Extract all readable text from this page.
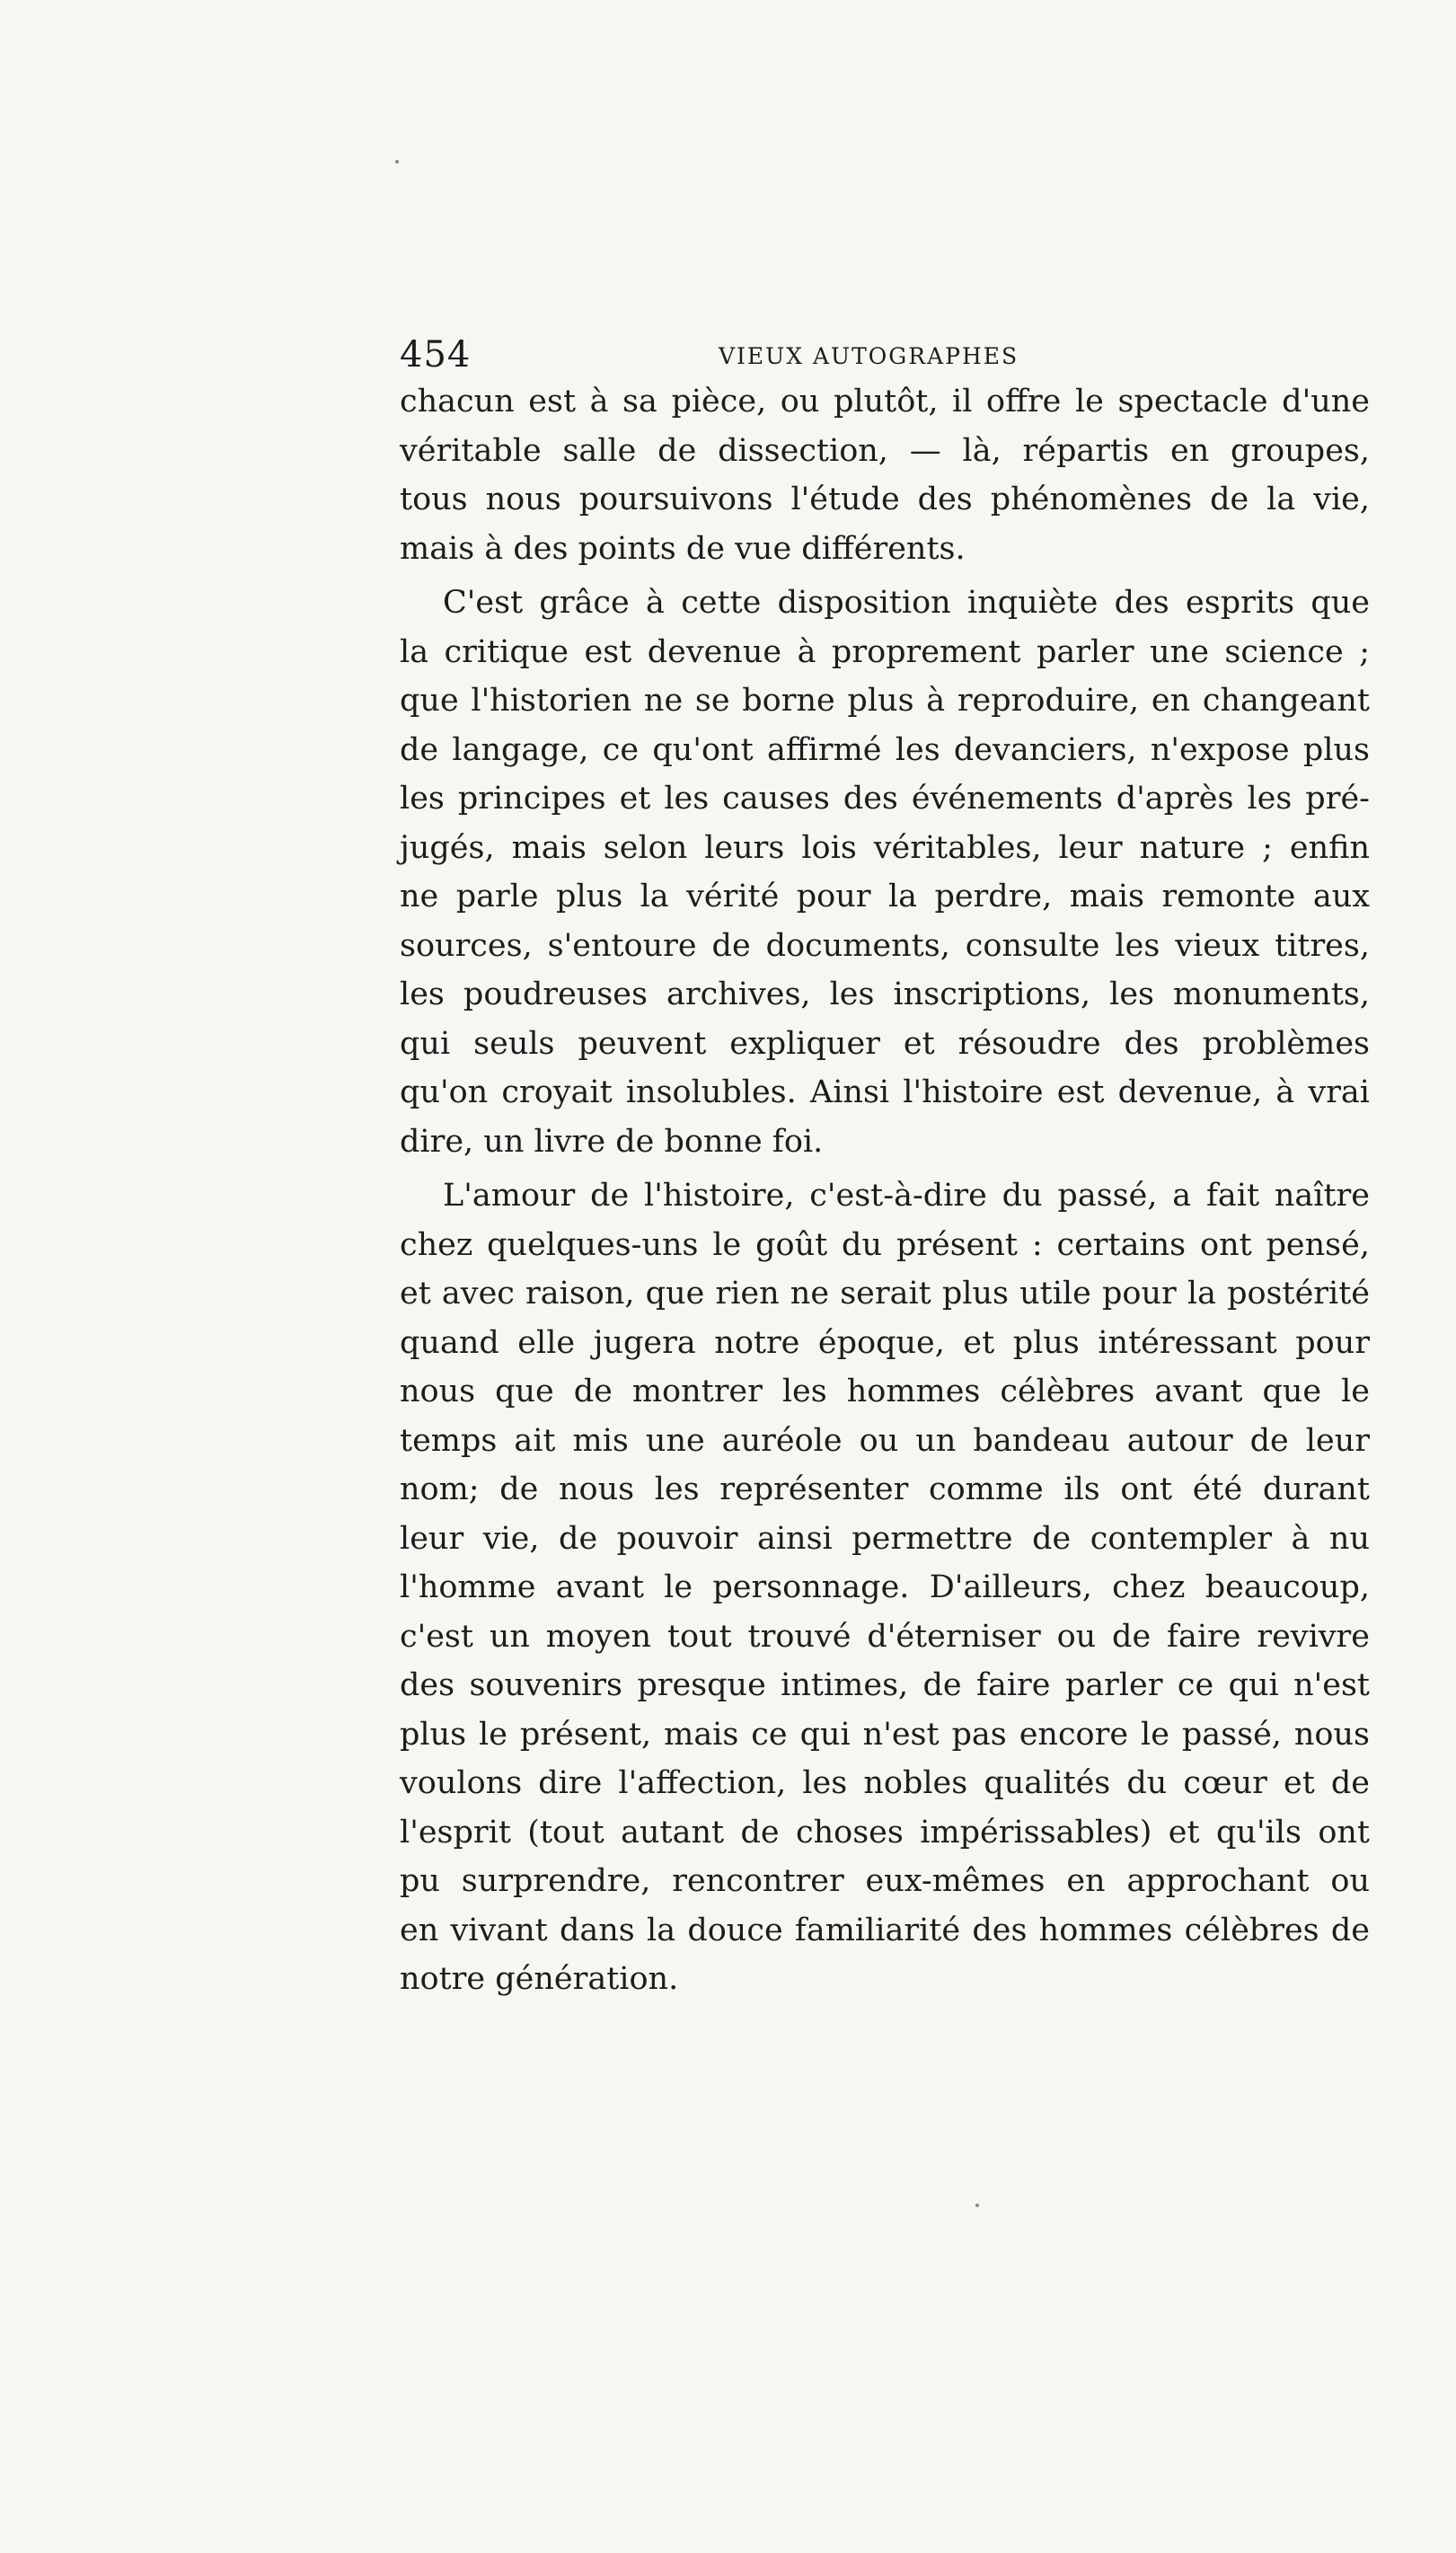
454	VIEUX AUTOGRAPHES

chacun est à sa pièce, ou plutôt, il offre le spectacle d'une
véritable salle de dissection, — là, répartis en groupes,
tous nous poursuivons l'étude des phénomènes de la vie,
mais à des points de vue différents.

C'est grâce à cette disposition inquiète des esprits que
la critique est devenue à proprement parler une science ;
que l'historien ne se borne plus à reproduire, en changeant
de langage, ce qu'ont affirmé les devanciers, n'expose plus
les principes et les causes des événements d'après les pré-
jugés, mais selon leurs lois véritables, leur nature ; enfin
ne parle plus la vérité pour la perdre, mais remonte aux
sources, s'entoure de documents, consulte les vieux titres,
les poudreuses archives, les inscriptions, les monuments,
qui seuls peuvent expliquer et résoudre des problèmes
qu'on croyait insolubles. Ainsi l'histoire est devenue, à vrai
dire, un livre de bonne foi.

L'amour de l'histoire, c'est-à-dire du passé, a fait naître
chez quelques-uns le goût du présent : certains ont pensé,
et avec raison, que rien ne serait plus utile pour la postérité
quand elle jugera notre époque, et plus intéressant pour
nous que de montrer les hommes célèbres avant que le
temps ait mis une auréole ou un bandeau autour de leur
nom; de nous les représenter comme ils ont été durant
leur vie, de pouvoir ainsi permettre de contempler à nu
l'homme avant le personnage. D'ailleurs, chez beaucoup,
c'est un moyen tout trouvé d'éterniser ou de faire revivre
des souvenirs presque intimes, de faire parler ce qui n'est
plus le présent, mais ce qui n'est pas encore le passé, nous
voulons dire l'affection, les nobles qualités du cœur et de
l'esprit (tout autant de choses impérissables) et qu'ils ont
pu surprendre, rencontrer eux-mêmes en approchant ou
en vivant dans la douce familiarité des hommes célèbres de
notre génération.
